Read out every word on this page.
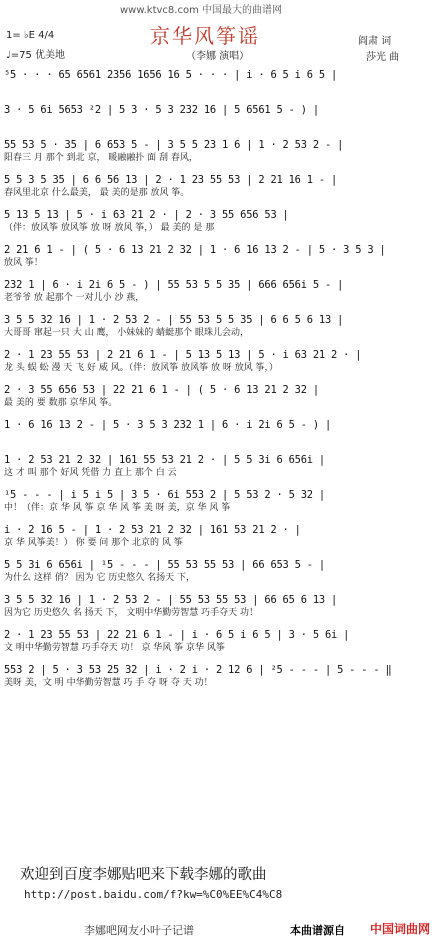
www.ktvc8.com 中国最大的曲谱网
京华风筝谣
1= ♭E 4/4
♩=75 优美地	（李娜 演唱）
阎肃 词
莎光 曲
⁵5 · · · 65 6561 2356 1656 16 5 · · · | i · 6 5 i 6 5 |
3 · 5 6i 5653 ²2 | 5 3 · 5 3 232 16 | 5 6561 5 - ) |
55 53 5 · 35 | 6 653 5 - | 3 5 5 23 1 6 | 1 · 2 53 2 - |
阳春三 月 那个 到北 京， 暖融融扑 面 刮 春风，
5 5 3 5 35 | 6 6 56 13 | 2 · 1 23 55 53 | 2 21 16 1 - |
春风里北京 什么最美， 最 美的是那 放风 筝。
5 13 5 13 | 5 · i 63 21 2 · | 2 · 3 55 656 53 |
（伴：放风筝 放风筝 放 呀 放风 筝，） 最 美的 是 那
2 21 6 1 - | ( 5 · 6 13 21 2 32 | 1 · 6 16 13 2 - | 5 · 3 5 3 |
放风 筝！
232 1 | 6 · i 2i 6 5 - ) | 55 53 5 5 35 | 666 656i 5 - |
老爷爷 放 起那个 一对儿小 沙 燕，
3 5 5 32 16 | 1 · 2 53 2 - | 55 53 5 5 35 | 6 6 5 6 13 |
大哥哥 窜起一只 大 山 鹰， 小妹妹的 蜻蜓那个 眼珠儿会动，
2 · 1 23 55 53 | 2 21 6 1 - | 5 13 5 13 | 5 · i 63 21 2 · |
龙 头 蜈 蚣 漫 天 飞 好 威 风。（伴：放风筝 放风筝 放 呀 放风 筝，）
2 · 3 55 656 53 | 22 21 6 1 - | ( 5 · 6 13 21 2 32 |
最 美的 要 数那 京华风 筝。
1 · 6 16 13 2 - | 5 · 3 5 3 232 1 | 6 · i 2i 6 5 - ) |
1 · 2 53 21 2 32 | 161 55 53 21 2 · | 5 5 3i 6 656i |
这 才 叫 那个 好风 凭借 力 直上 那个 白 云
¹5 - - - | i 5 i 5 | 3 5 · 6i 553 2 | 5 53 2 · 5 32 |
中！（伴：京 华 风 筝 京 华 风 筝 美 呀 美，京 华 风 筝
i · 2 16 5 - | 1 · 2 53 21 2 32 | 161 53 21 2 · |
京 华 风筝美！） 你 要 问 那个 北京的 风 筝
5 5 3i 6 656i | ¹5 - - - | 55 53 55 53 | 66 653 5 - |
为什么 这样 俏？ 因为 它 历史悠久 名扬天 下，
3 5 5 32 16 | 1 · 2 53 2 - | 55 53 55 53 | 66 65 6 13 |
因为它 历史悠久 名 扬天 下， 文明中华勤劳智慧 巧手夺天 功！
2 · 1 23 55 53 | 22 21 6 1 - | i · 6 5 i 6 5 | 3 · 5 6i |
文 明中华勤劳智慧 巧手夺天 功！ 京 华风 筝 京华 风筝
553 2 | 5 · 3 53 25 32 | i · 2 i · 2 12 6 | ²5 - - - | 5 - - - ‖
美呀 美，文 明 中华勤劳智慧 巧 手 夺 呀 夺 天 功！
欢迎到百度李娜贴吧来下载李娜的歌曲
http://post.baidu.com/f?kw=%C0%EE%C4%C8
李娜吧网友小叶子记谱	本曲谱源自 中国词曲网
